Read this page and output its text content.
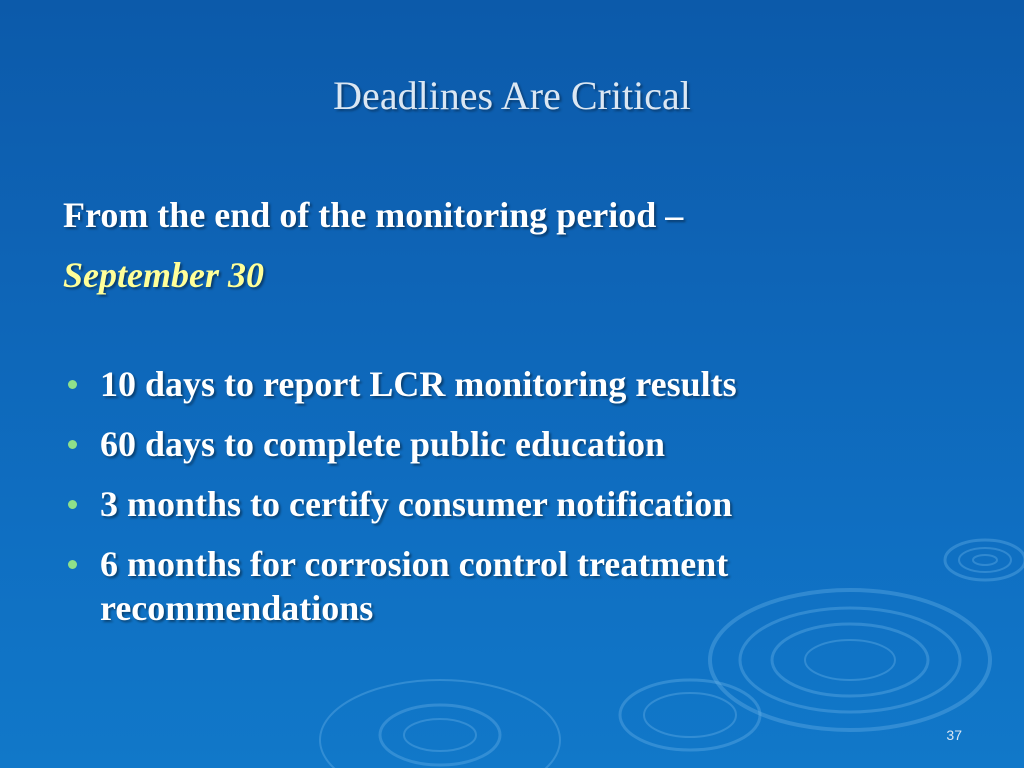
Deadlines Are Critical
From the end of the monitoring period –
September 30
10 days to report LCR monitoring results
60 days to complete public education
3 months to certify consumer notification
6 months for corrosion control treatment recommendations
37
